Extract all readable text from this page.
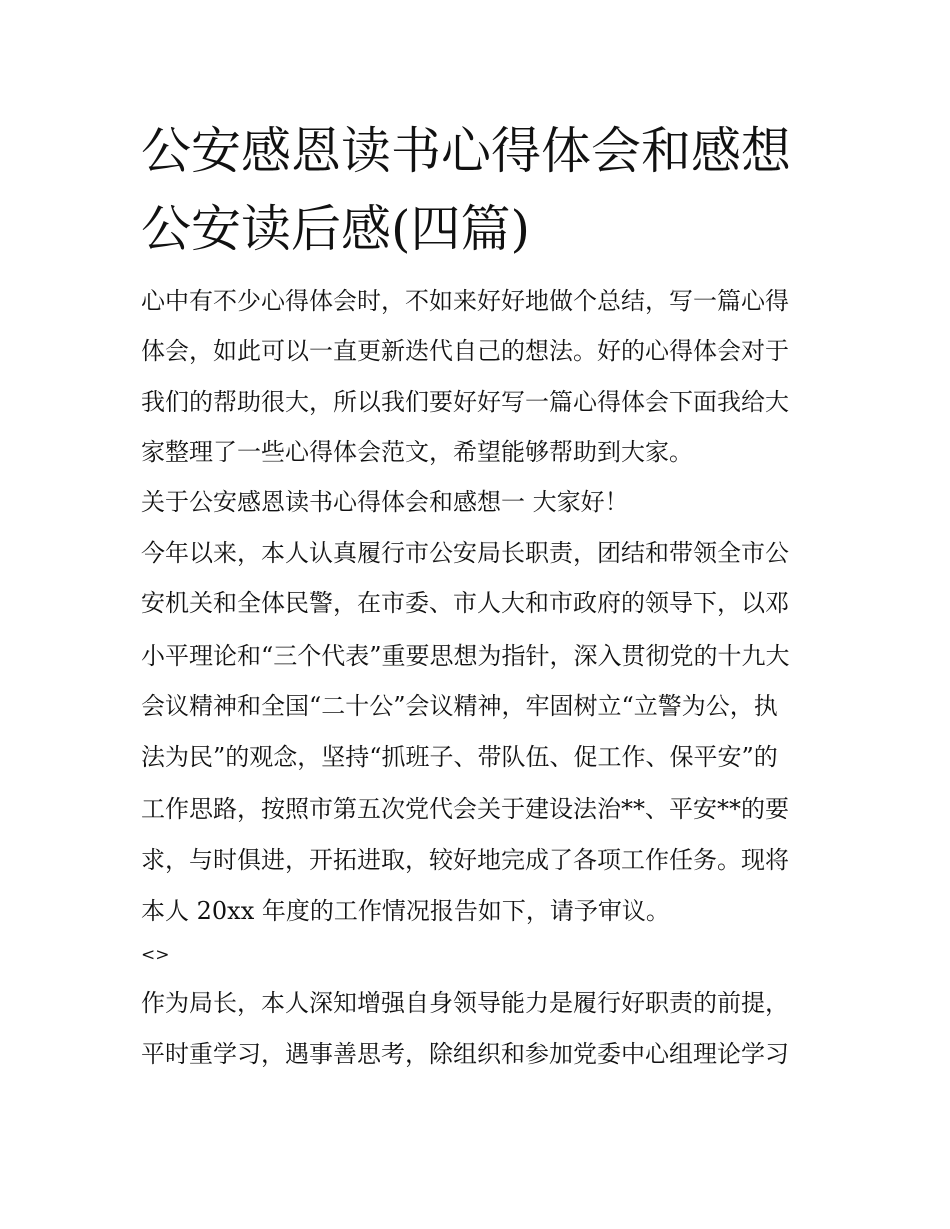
公安感恩读书心得体会和感想
公安读后感(四篇)

心中有不少心得体会时，不如来好好地做个总结，写一篇心得

体会，如此可以一直更新迭代自己的想法。好的心得体会对于

我们的帮助很大，所以我们要好好写一篇心得体会下面我给大

家整理了一些心得体会范文，希望能够帮助到大家。

关于公安感恩读书心得体会和感想一 大家好！

今年以来，本人认真履行市公安局长职责，团结和带领全市公

安机关和全体民警，在市委、市人大和市政府的领导下，以邓

小平理论和“三个代表”重要思想为指针，深入贯彻党的十九大

会议精神和全国“二十公”会议精神，牢固树立“立警为公，执

法为民”的观念，坚持“抓班子、带队伍、促工作、保平安”的

工作思路，按照市第五次党代会关于建设法治**、平安**的要

求，与时俱进，开拓进取，较好地完成了各项工作任务。现将

本人 20xx 年度的工作情况报告如下，请予审议。

<>

作为局长，本人深知增强自身领导能力是履行好职责的前提，

平时重学习，遇事善思考，除组织和参加党委中心组理论学习
